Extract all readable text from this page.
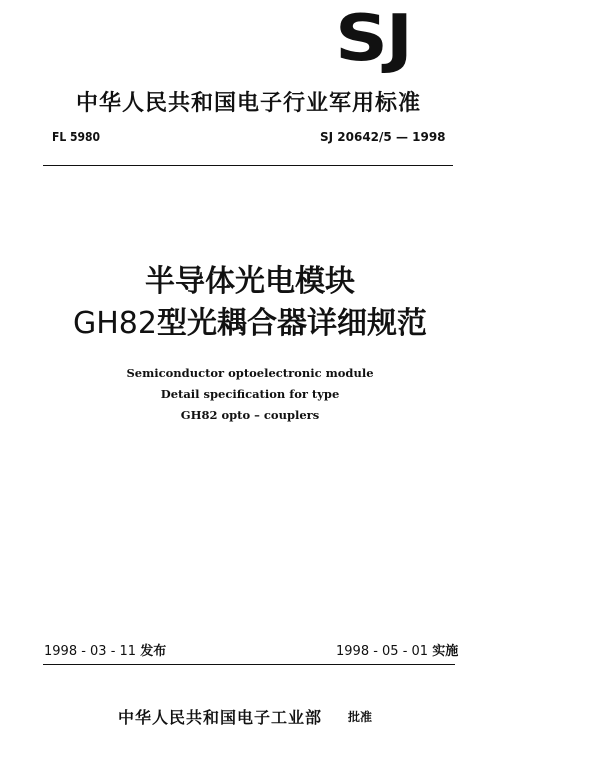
SJ
中华人民共和国电子行业军用标准
FL 5980	SJ 20642/5 — 1998
半导体光电模块
GH82型光耦合器详细规范
Semiconductor optoelectronic module
Detail specification for type
GH82 opto – couplers
1998 - 03 - 11 发布	1998 - 05 - 01 实施
中华人民共和国电子工业部 批准
